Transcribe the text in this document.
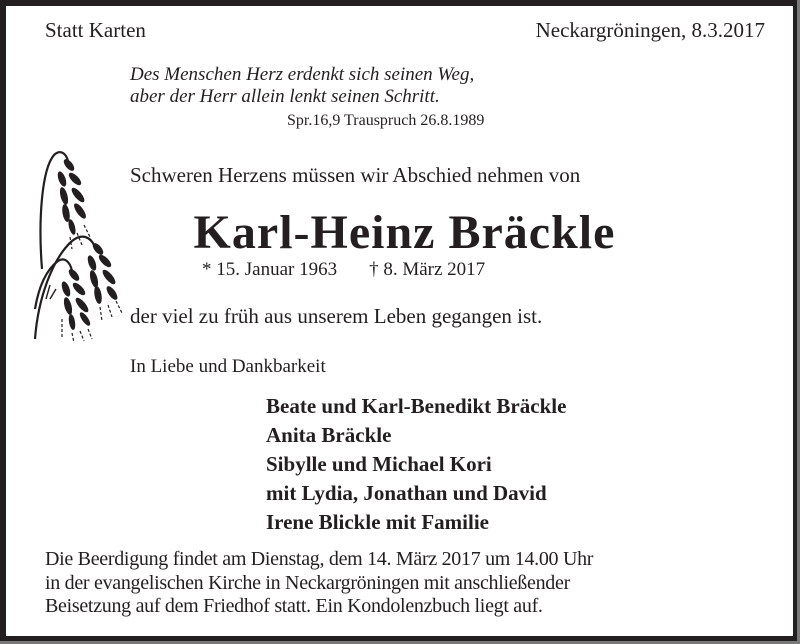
Statt Karten	Neckargröningen, 8.3.2017
Des Menschen Herz erdenkt sich seinen Weg,
aber der Herr allein lenkt seinen Schritt.
Spr.16,9 Trauspruch 26.8.1989
Schweren Herzens müssen wir Abschied nehmen von
Karl-Heinz Bräckle
* 15. Januar 1963 † 8. März 2017
der viel zu früh aus unserem Leben gegangen ist.
In Liebe und Dankbarkeit
Beate und Karl-Benedikt Bräckle
Anita Bräckle
Sibylle und Michael Kori
mit Lydia, Jonathan und David
Irene Blickle mit Familie
Die Beerdigung findet am Dienstag, dem 14. März 2017 um 14.00 Uhr
in der evangelischen Kirche in Neckargröningen mit anschließender
Beisetzung auf dem Friedhof statt. Ein Kondolenzbuch liegt auf.
